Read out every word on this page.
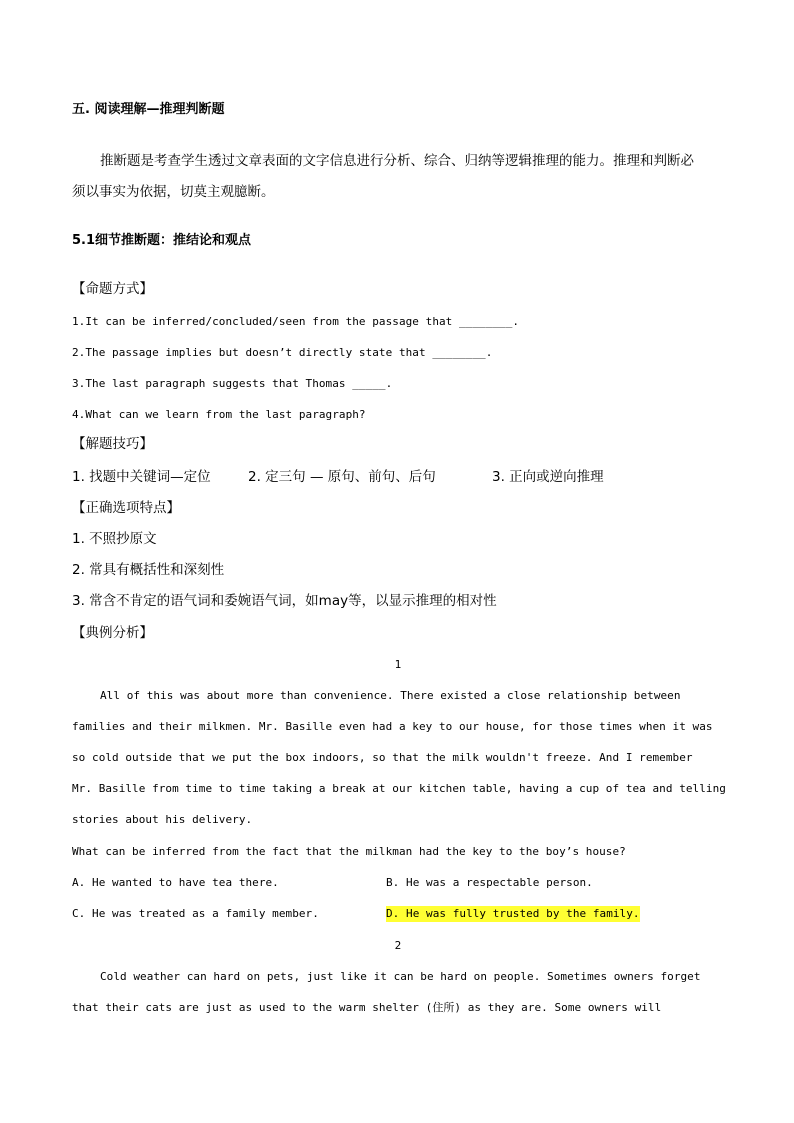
五. 阅读理解—推理判断题
推断题是考查学生透过文章表面的文字信息进行分析、综合、归纳等逻辑推理的能力。推理和判断必
须以事实为依据，切莫主观臆断。
5.1细节推断题：推结论和观点
【命题方式】
1.It can be inferred/concluded/seen from the passage that ________.
2.The passage implies but doesn’t directly state that ________.
3.The last paragraph suggests that Thomas _____.
4.What can we learn from the last paragraph?
【解题技巧】
1. 找题中关键词—定位	2. 定三句 — 原句、前句、后句	3. 正向或逆向推理
【正确选项特点】
1. 不照抄原文
2. 常具有概括性和深刻性
3. 常含不肯定的语气词和委婉语气词，如may等，以显示推理的相对性
【典例分析】
1
All of this was about more than convenience. There existed a close relationship between
families and their milkmen. Mr. Basille even had a key to our house, for those times when it was
so cold outside that we put the box indoors, so that the milk wouldn't freeze. And I remember
Mr. Basille from time to time taking a break at our kitchen table, having a cup of tea and telling
stories about his delivery.
What can be inferred from the fact that the milkman had the key to the boy’s house?
A. He wanted to have tea there.	B. He was a respectable person.
C. He was treated as a family member.	D. He was fully trusted by the family.
2
Cold weather can hard on pets, just like it can be hard on people. Sometimes owners forget
that their cats are just as used to the warm shelter (住所) as they are. Some owners will
